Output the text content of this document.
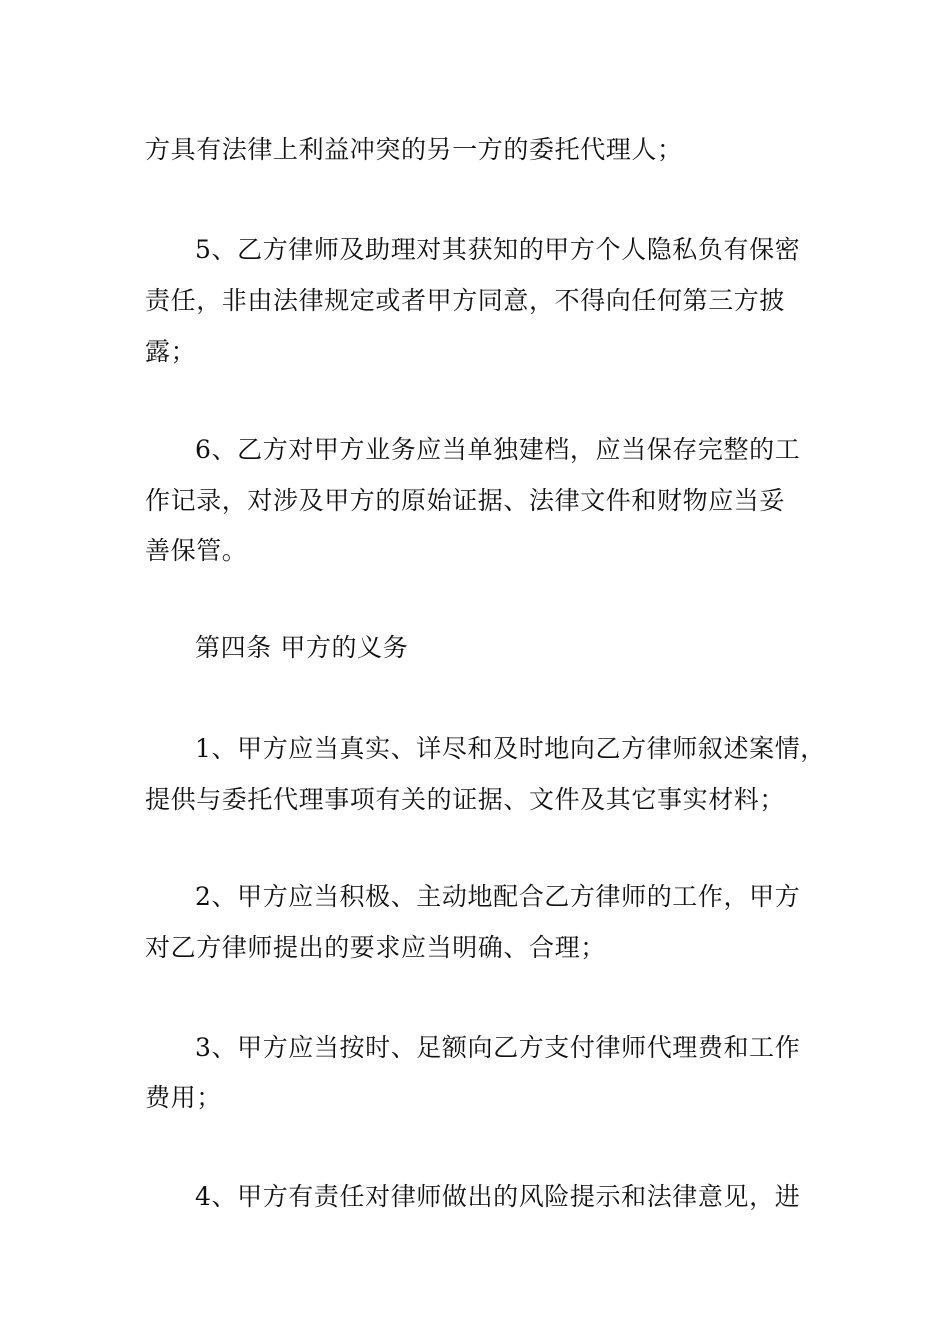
方具有法律上利益冲突的另一方的委托代理人；
5、乙方律师及助理对其获知的甲方个人隐私负有保密
责任，非由法律规定或者甲方同意，不得向任何第三方披
露；
6、乙方对甲方业务应当单独建档，应当保存完整的工
作记录，对涉及甲方的原始证据、法律文件和财物应当妥
善保管。
第四条 甲方的义务
1、甲方应当真实、详尽和及时地向乙方律师叙述案情，
提供与委托代理事项有关的证据、文件及其它事实材料；
2、甲方应当积极、主动地配合乙方律师的工作，甲方
对乙方律师提出的要求应当明确、合理；
3、甲方应当按时、足额向乙方支付律师代理费和工作
费用；
4、甲方有责任对律师做出的风险提示和法律意见，进
